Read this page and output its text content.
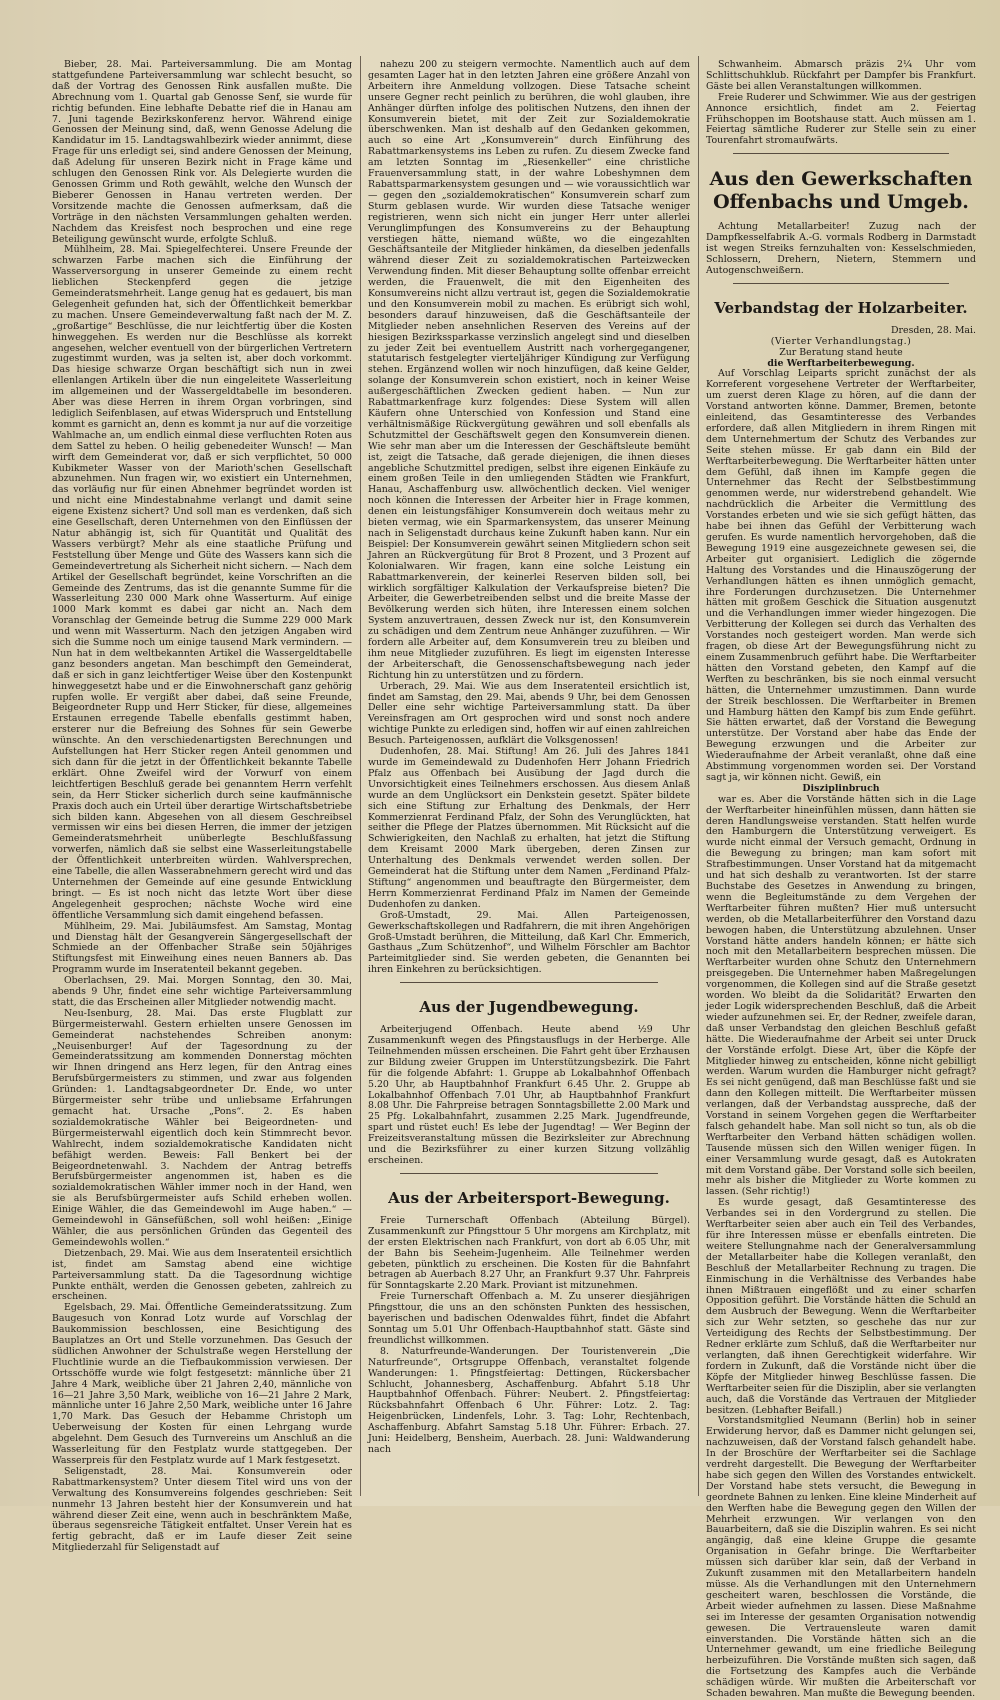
Bieber, 28. Mai. Parteiversammlung. Die am Montag stattgefundene Parteiversammlung war schlecht besucht, so daß der Vortrag des Genossen Rink ausfallen mußte. Die Abrechnung vom 1. Quartal gab Genosse Senf, sie wurde für richtig befunden. Eine lebhafte Debatte rief die in Hanau am 7. Juni tagende Bezirkskonferenz hervor. Während einige Genossen der Meinung sind, daß, wenn Genosse Adelung die Kandidatur im 15. Landtagswahlbezirk wieder annimmt, diese Frage für uns erledigt sei, sind andere Genossen der Meinung, daß Adelung für unseren Bezirk nicht in Frage käme und schlugen den Genossen Rink vor. Als Delegierte wurden die Genossen Grimm und Roth gewählt, welche den Wunsch der Bieberer Genossen in Hanau vertreten werden. Der Vorsitzende machte die Genossen aufmerksam, daß die Vorträge in den nächsten Versammlungen gehalten werden. Nachdem das Kreisfest noch besprochen und eine rege Beteiligung gewünscht wurde, erfolgte Schluß.

Mühlheim, 28. Mai. Spiegelfechterei. Unsere Freunde der schwarzen Farbe machen sich die Einführung der Wasserversorgung in unserer Gemeinde zu einem recht lieblichen Steckenpferd gegen die jetzige Gemeinderatsmehrheit. Lange genug hat es gedauert, bis man Gelegenheit gefunden hat, sich der Öffentlichkeit bemerkbar zu machen. Unsere Gemeindeverwaltung faßt nach der M. Z. „großartige“ Beschlüsse, die nur leichtfertig über die Kosten hinweggehen. Es werden nur die Beschlüsse als korrekt angesehen, welcher eventuell von der bürgerlichen Vertretern zugestimmt wurden, was ja selten ist, aber doch vorkommt. Das hiesige schwarze Organ beschäftigt sich nun in zwei ellenlangen Artikeln über die nun eingeleitete Wasserleitung im allgemeinen und der Wassergeldtabelle im besonderen. Aber was diese Herren in ihrem Organ vorbringen, sind lediglich Seifenblasen, auf etwas Widerspruch und Entstellung kommt es garnicht an, denn es kommt ja nur auf die vorzeitige Wahlmache an, um endlich einmal diese verfluchten Roten aus dem Sattel zu heben. O heilig gebenedeiter Wunsch! — Man wirft dem Gemeinderat vor, daß er sich verpflichtet, 50 000 Kubikmeter Wasser von der Marioth'schen Gesellschaft abzunehmen. Nun fragen wir, wo existiert ein Unternehmen, das vorläufig nur für einen Abnehmer begründet worden ist und nicht eine Mindestabnahme verlangt und damit seine eigene Existenz sichert? Und soll man es verdenken, daß sich eine Gesellschaft, deren Unternehmen von den Einflüssen der Natur abhängig ist, sich für Quantität und Qualität des Wassers verbürgt? Mehr als eine staatliche Prüfung und Feststellung über Menge und Güte des Wassers kann sich die Gemeindevertretung als Sicherheit nicht sichern. — Nach dem Artikel der Gesellschaft begründet, keine Vorschriften an die Gemeinde des Zentrums, das ist die genannte Summe für die Wasserleitung 230 000 Mark ohne Wasserturm. Auf einige 1000 Mark kommt es dabei gar nicht an. Nach dem Voranschlag der Gemeinde betrug die Summe 229 000 Mark und wenn mit Wasserturm. Nach den jetzigen Angaben wird sich die Summe noch um einige tausend Mark vermindern. — Nun hat in dem weltbekannten Artikel die Wassergeldtabelle ganz besonders angetan. Man beschimpft den Gemeinderat, daß er sich in ganz leichtfertiger Weise über den Kostenpunkt hinweggesetzt habe und er die Einwohnerschaft ganz gehörig rupfen wolle. Er vergißt aber dabei, daß seine Freunde, Beigeordneter Rupp und Herr Sticker, für diese, allgemeines Erstaunen erregende Tabelle ebenfalls gestimmt haben, ersterer nur die Befreiung des Sohnes für sein Gewerbe wünschte. An den verschiedenartigsten Berechnungen und Aufstellungen hat Herr Sticker regen Anteil genommen und sich dann für die jetzt in der Öffentlichkeit bekannte Tabelle erklärt. Ohne Zweifel wird der Vorwurf von einem leichtfertigen Beschluß gerade bei genanntem Herrn verfehlt sein, da Herr Sticker sicherlich durch seine kaufmännische Praxis doch auch ein Urteil über derartige Wirtschaftsbetriebe sich bilden kann. Abgesehen von all diesem Geschreibsel vermissen wir eins bei diesen Herren, die immer der jetzigen Gemeinderatsmehrheit unüberlegte Beschlußfassung vorwerfen, nämlich daß sie selbst eine Wasserleitungstabelle der Öffentlichkeit unterbreiten würden. Wahlversprechen, eine Tabelle, die allen Wasserabnehmern gerecht wird und das Unternehmen der Gemeinde auf eine gesunde Entwicklung bringt. — Es ist noch nicht das letzte Wort über diese Angelegenheit gesprochen; nächste Woche wird eine öffentliche Versammlung sich damit eingehend befassen.

Mühlheim, 29. Mai. Jubiläumsfest. Am Samstag, Montag und Dienstag hält der Gesangverein Sängergesellschaft der Schmiede an der Offenbacher Straße sein 50jähriges Stiftungsfest mit Einweihung eines neuen Banners ab. Das Programm wurde im Inseratenteil bekannt gegeben.

Oberlachsen, 29. Mai. Morgen Sonntag, den 30. Mai, abends 9 Uhr, findet eine sehr wichtige Parteiversammlung statt, die das Erscheinen aller Mitglieder notwendig macht.

Neu-Isenburg, 28. Mai. Das erste Flugblatt zur Bürgermeisterwahl. Gestern erhielten unsere Genossen im Gemeinderat nachstehendes Schreiben anonym: „Neuisenburger! Auf der Tagesordnung zu der Gemeinderatssitzung am kommenden Donnerstag möchten wir Ihnen dringend ans Herz legen, für den Antrag eines Berufsbürgermeisters zu stimmen, und zwar aus folgenden Gründen: 1. Landtagsabgeordneter Dr. Ende, wo unter Bürgermeister sehr trübe und unliebsame Erfahrungen gemacht hat. Ursache „Pons“. 2. Es haben sozialdemokratische Wähler bei Beigeordneten- und Bürgermeisterwahl eigentlich doch kein Stimmrecht bevor. Wahlrecht, indem sozialdemokratische Kandidaten nicht befähigt werden. Beweis: Fall Benkert bei der Beigeordnetenwahl. 3. Nachdem der Antrag betreffs Berufsbürgermeister angenommen ist, haben es die sozialdemokratischen Wähler immer noch in der Hand, wen sie als Berufsbürgermeister aufs Schild erheben wollen. Einige Wähler, die das Gemeindewohl im Auge haben.“ — Gemeindewohl in Gänsefüßchen, soll wohl heißen: „Einige Wähler, die aus persönlichen Gründen das Gegenteil des Gemeindewohls wollen.“

Dietzenbach, 29. Mai. Wie aus dem Inseratenteil ersichtlich ist, findet am Samstag abend eine wichtige Parteiversammlung statt. Da die Tagesordnung wichtige Punkte enthält, werden die Genossen gebeten, zahlreich zu erscheinen.

Egelsbach, 29. Mai. Öffentliche Gemeinderatssitzung. Zum Baugesuch von Konrad Lotz wurde auf Vorschlag der Baukommission beschlossen, eine Besichtigung des Bauplatzes an Ort und Stelle vorzunehmen. Das Gesuch der südlichen Anwohner der Schulstraße wegen Herstellung der Fluchtlinie wurde an die Tiefbaukommission verwiesen. Der Ortsschöffe wurde wie folgt festgesetzt: männliche über 21 Jahre 4 Mark, weibliche über 21 Jahren 2,40, männliche von 16—21 Jahre 3,50 Mark, weibliche von 16—21 Jahre 2 Mark, männliche unter 16 Jahre 2,50 Mark, weibliche unter 16 Jahre 1,70 Mark. Das Gesuch der Hebamme Christoph um Ueberweisung der Kosten für einen Lehrgang wurde abgelehnt. Dem Gesuch des Turnvereins um Anschluß an die Wasserleitung für den Festplatz wurde stattgegeben. Der Wasserpreis für den Festplatz wurde auf 1 Mark festgesetzt.

Seligenstadt, 28. Mai. Konsumverein oder Rabattmarkensystem? Unter diesem Titel wird uns von der Verwaltung des Konsumvereins folgendes geschrieben: Seit nunmehr 13 Jahren besteht hier der Konsumverein und hat während dieser Zeit eine, wenn auch in beschränktem Maße, überaus segensreiche Tätigkeit entfaltet. Unser Verein hat es fertig gebracht, daß er im Laufe dieser Zeit seine Mitgliederzahl für Seligenstadt auf

nahezu 200 zu steigern vermochte. Namentlich auch auf dem gesamten Lager hat in den letzten Jahren eine größere Anzahl von Arbeitern ihre Anmeldung vollzogen. Diese Tatsache scheint unsere Gegner recht peinlich zu berühren, die wohl glauben, ihre Anhänger dürften infolge des politischen Nutzens, den ihnen der Konsumverein bietet, mit der Zeit zur Sozialdemokratie überschwenken. Man ist deshalb auf den Gedanken gekommen, auch so eine Art „Konsumverein“ durch Einführung des Rabattmarkensystems ins Leben zu rufen. Zu diesem Zwecke fand am letzten Sonntag im „Riesenkeller“ eine christliche Frauenversammlung statt, in der wahre Lobeshymnen dem Rabattsparmarkensystem gesungen und — wie voraussichtlich war — gegen den „sozialdemokratischen“ Konsumverein scharf zum Sturm geblasen wurde. Wir wurden diese Tatsache weniger registrieren, wenn sich nicht ein junger Herr unter allerlei Verunglimpfungen des Konsumvereins zu der Behauptung verstiegen hätte, niemand wüßte, wo die eingezahlten Geschäftsanteile der Mitglieder hinkämen, da dieselben jedenfalls während dieser Zeit zu sozialdemokratischen Parteizwecken Verwendung finden. Mit dieser Behauptung sollte offenbar erreicht werden, die Frauenwelt, die mit den Eigenheiten des Konsumvereins nicht allzu vertraut ist, gegen die Sozialdemokratie und den Konsumverein mobil zu machen. Es erübrigt sich wohl, besonders darauf hinzuweisen, daß die Geschäftsanteile der Mitglieder neben ansehnlichen Reserven des Vereins auf der hiesigen Bezirkssparkasse verzinslich angelegt sind und dieselben zu jeder Zeit bei eventuellem Austritt nach vorhergegangener, statutarisch festgelegter vierteljähriger Kündigung zur Verfügung stehen. Ergänzend wollen wir noch hinzufügen, daß keine Gelder, solange der Konsumverein schon existiert, noch in keiner Weise außergeschäftlichen Zwecken gedient haben. — Nun zur Rabattmarkenfrage kurz folgendes: Diese System will allen Käufern ohne Unterschied von Konfession und Stand eine verhältnismäßige Rückvergütung gewähren und soll ebenfalls als Schutzmittel der Geschäftswelt gegen den Konsumverein dienen. Wie sehr man aber um die Interessen der Geschäftsleute bemüht ist, zeigt die Tatsache, daß gerade diejenigen, die ihnen dieses angebliche Schutzmittel predigen, selbst ihre eigenen Einkäufe zu einem großen Teile in den umliegenden Städten wie Frankfurt, Hanau, Aschaffenburg usw. allwöchentlich decken. Viel weniger noch können die Interessen der Arbeiter hier in Frage kommen, denen ein leistungsfähiger Konsumverein doch weitaus mehr zu bieten vermag, wie ein Sparmarkensystem, das unserer Meinung nach in Seligenstadt durchaus keine Zukunft haben kann. Nur ein Beispiel: Der Konsumverein gewährt seinen Mitgliedern schon seit Jahren an Rückvergütung für Brot 8 Prozent, und 3 Prozent auf Kolonialwaren. Wir fragen, kann eine solche Leistung ein Rabattmarkenverein, der keinerlei Reserven bilden soll, bei wirklich sorgfältiger Kalkulation der Verkaufspreise bieten? Die Arbeiter, die Gewerbetreibenden selbst und die breite Masse der Bevölkerung werden sich hüten, ihre Interessen einem solchen System anzuvertrauen, dessen Zweck nur ist, den Konsumverein zu schädigen und dem Zentrum neue Anhänger zuzuführen. — Wir fordern alle Arbeiter auf, dem Konsumverein treu zu bleiben und ihm neue Mitglieder zuzuführen. Es liegt im eigensten Interesse der Arbeiterschaft, die Genossenschaftsbewegung nach jeder Richtung hin zu unterstützen und zu fördern.

Urberach, 29. Mai. Wie aus dem Inseratenteil ersichtlich ist, findet am Samstag, den 29. Mai, abends 9 Uhr, bei dem Genossen Deller eine sehr wichtige Parteiversammlung statt. Da über Vereinsfragen am Ort gesprochen wird und sonst noch andere wichtige Punkte zu erledigen sind, hoffen wir auf einen zahlreichen Besuch. Parteigenossen, aufklärt die Volksgenossen!

Dudenhofen, 28. Mai. Stiftung! Am 26. Juli des Jahres 1841 wurde im Gemeindewald zu Dudenhofen Herr Johann Friedrich Pfalz aus Offenbach bei Ausübung der Jagd durch die Unvorsichtigkeit eines Teilnehmers erschossen. Aus diesem Anlaß wurde an dem Unglücksort ein Denkstein gesetzt. Später bildete sich eine Stiftung zur Erhaltung des Denkmals, der Herr Kommerzienrat Ferdinand Pfalz, der Sohn des Verunglückten, hat seither die Pflege der Platzes übernommen. Mit Rücksicht auf die Schwierigkeiten, den Nachlaß zu erhalten, hat jetzt die Stiftung dem Kreisamt 2000 Mark übergeben, deren Zinsen zur Unterhaltung des Denkmals verwendet werden sollen. Der Gemeinderat hat die Stiftung unter dem Namen „Ferdinand Pfalz-Stiftung“ angenommen und beauftragte den Bürgermeister, dem Herrn Kommerzienrat Ferdinand Pfalz im Namen der Gemeinde Dudenhofen zu danken.

Groß-Umstadt, 29. Mai. Allen Parteigenossen, Gewerkschaftskollegen und Radfahrern, die mit ihren Angehörigen Groß-Umstadt berühren, die Mitteilung, daß Karl Chr. Emmerich, Gasthaus „Zum Schützenhof“, und Wilhelm Förschler am Bachtor Parteimitglieder sind. Sie werden gebeten, die Genannten bei ihren Einkehren zu berücksichtigen.

Aus der Jugendbewegung.

Arbeiterjugend Offenbach. Heute abend ½9 Uhr Zusammenkunft wegen des Pfingstausflugs in der Herberge. Alle Teilnehmenden müssen erscheinen. Die Fahrt geht über Erzhausen zur Bildung zweier Gruppen im Unterstützungsbezirk. Die Fahrt für die folgende Abfahrt: 1. Gruppe ab Lokalbahnhof Offenbach 5.20 Uhr, ab Hauptbahnhof Frankfurt 6.45 Uhr. 2. Gruppe ab Lokalbahnhof Offenbach 7.01 Uhr, ab Hauptbahnhof Frankfurt 8.08 Uhr. Die Fahrpreise betragen Sonntagsbillette 2.00 Mark und 25 Pfg. Lokalbahnfahrt, zusammen 2.25 Mark. Jugendfreunde, spart und rüstet euch! Es lebe der Jugendtag! — Wer Beginn der Freizeitsveranstaltung müssen die Bezirksleiter zur Abrechnung und die Bezirksführer zu einer kurzen Sitzung vollzählig erscheinen.

Aus der Arbeitersport-Bewegung.

Freie Turnerschaft Offenbach (Abteilung Bürgel). Zusammenkunft zur Pfingsttour 5 Uhr morgens am Kirchplatz, mit der ersten Elektrischen nach Frankfurt, von dort ab 6.05 Uhr, mit der Bahn bis Seeheim-Jugenheim. Alle Teilnehmer werden gebeten, pünktlich zu erscheinen. Die Kosten für die Bahnfahrt betragen ab Auerbach 8.27 Uhr, an Frankfurt 9.37 Uhr. Fahrpreis für Sonntagskarte 2.20 Mark. Proviant ist mitzunehmen.

Freie Turnerschaft Offenbach a. M. Zu unserer diesjährigen Pfingsttour, die uns an den schönsten Punkten des hessischen, bayerischen und badischen Odenwaldes führt, findet die Abfahrt Sonntag um 5.01 Uhr Offenbach-Hauptbahnhof statt. Gäste sind freundlichst willkommen.

8. Naturfreunde-Wanderungen. Der Touristenverein „Die Naturfreunde“, Ortsgruppe Offenbach, veranstaltet folgende Wanderungen: 1. Pfingstfeiertag: Dettingen, Rückersbacher Schlucht, Johannesberg, Aschaffenburg. Abfahrt 5.18 Uhr Hauptbahnhof Offenbach. Führer: Neubert. 2. Pfingstfeiertag: Rücksbahnfahrt Offenbach 6 Uhr. Führer: Lotz. 2. Tag: Heigenbrücken, Lindenfels, Lohr. 3. Tag: Lohr, Rechtenbach, Aschaffenburg. Abfahrt Samstag 5.18 Uhr. Führer: Erbach. 27. Juni: Heidelberg, Bensheim, Auerbach. 28. Juni: Waldwanderung nach

Schwanheim. Abmarsch präzis 2¼ Uhr vom Schlittschuhklub. Rückfahrt per Dampfer bis Frankfurt. Gäste bei allen Veranstaltungen willkommen.

Freie Ruderer und Schwimmer. Wie aus der gestrigen Annonce ersichtlich, findet am 2. Feiertag Frühschoppen im Bootshause statt. Auch müssen am 1. Feiertag sämtliche Ruderer zur Stelle sein zu einer Tourenfahrt stromaufwärts.

Aus den Gewerkschaften Offenbachs und Umgeb.

Achtung Metallarbeiter! Zuzug nach der Dampfkesselfabrik A.-G. vormals Rodberg in Darmstadt ist wegen Streiks fernzuhalten von: Kesselschmieden, Schlossern, Drehern, Nietern, Stemmern und Autogenschweißern.

Verbandstag der Holzarbeiter.

Dresden, 28. Mai.

(Vierter Verhandlungstag.)

Zur Beratung stand heute

die Werftarbeiterbewegung.

Auf Vorschlag Leiparts spricht zunächst der als Korreferent vorgesehene Vertreter der Werftarbeiter, um zuerst deren Klage zu hören, auf die dann der Vorstand antworten könne. Dammer, Bremen, betonte einleitend, das Gesamtinteresse des Verbandes erfordere, daß allen Mitgliedern in ihrem Ringen mit dem Unternehmertum der Schutz des Verbandes zur Seite stehen müsse. Er gab dann ein Bild der Werftarbeiterbewegung. Die Werftarbeiter hätten unter dem Gefühl, daß ihnen im Kampfe gegen die Unternehmer das Recht der Selbstbestimmung genommen werde, nur widerstrebend gehandelt. Wie nachdrücklich die Arbeiter die Vermittlung des Vorstandes erbeten und wie sie sich gefügt hätten, das habe bei ihnen das Gefühl der Verbitterung wach gerufen. Es wurde namentlich hervorgehoben, daß die Bewegung 1919 eine ausgezeichnete gewesen sei, die Arbeiter gut organisiert. Lediglich die zögernde Haltung des Vorstandes und die Hinauszögerung der Verhandlungen hätten es ihnen unmöglich gemacht, ihre Forderungen durchzusetzen. Die Unternehmer hätten mit großem Geschick die Situation ausgenutzt und die Verhandlungen immer wieder hingezogen. Die Verbitterung der Kollegen sei durch das Verhalten des Vorstandes noch gesteigert worden. Man werde sich fragen, ob diese Art der Bewegungsführung nicht zu einem Zusammenbruch geführt habe. Die Werftarbeiter hätten den Vorstand gebeten, den Kampf auf die Werften zu beschränken, bis sie noch einmal versucht hätten, die Unternehmer umzustimmen. Dann wurde der Streik beschlossen. Die Werftarbeiter in Bremen und Hamburg hätten den Kampf bis zum Ende geführt. Sie hätten erwartet, daß der Vorstand die Bewegung unterstütze. Der Vorstand aber habe das Ende der Bewegung erzwungen und die Arbeiter zur Wiederaufnahme der Arbeit veranlaßt, ohne daß eine Abstimmung vorgenommen worden sei. Der Vorstand sagt ja, wir können nicht. Gewiß, ein

Disziplinbruch

war es. Aber die Vorstände hätten sich in die Lage der Werftarbeiter hineinfühlen müssen, dann hätten sie deren Handlungsweise verstanden. Statt helfen wurde den Hamburgern die Unterstützung verweigert. Es wurde nicht einmal der Versuch gemacht, Ordnung in die Bewegung zu bringen; man kam sofort mit Strafbestimmungen. Unser Vorstand hat da mitgemacht und hat sich deshalb zu verantworten. Ist der starre Buchstabe des Gesetzes in Anwendung zu bringen, wenn die Begleitumstände zu dem Vergehen der Werftarbeiter führen mußten? Hier muß untersucht werden, ob die Metallarbeiterführer den Vorstand dazu bewogen haben, die Unterstützung abzulehnen. Unser Vorstand hätte anders handeln können; er hätte sich noch mit den Metallarbeitern besprechen müssen. Die Werftarbeiter wurden ohne Schutz den Unternehmern preisgegeben. Die Unternehmer haben Maßregelungen vorgenommen, die Kollegen sind auf die Straße gesetzt worden. Wo bleibt da die Solidarität? Erwarten den jeder Logik widersprechenden Beschluß, daß die Arbeit wieder aufzunehmen sei. Er, der Redner, zweifele daran, daß unser Verbandstag den gleichen Beschluß gefaßt hätte. Die Wiederaufnahme der Arbeit sei unter Druck der Vorstände erfolgt. Diese Art, über die Köpfe der Mitglieder hinweg zu entscheiden, könne nicht gebilligt werden. Warum wurden die Hamburger nicht gefragt? Es sei nicht genügend, daß man Beschlüsse faßt und sie dann den Kollegen mitteilt. Die Werftarbeiter müssen verlangen, daß der Verbandstag ausspreche, daß der Vorstand in seinem Vorgehen gegen die Werftarbeiter falsch gehandelt habe. Man soll nicht so tun, als ob die Werftarbeiter den Verband hätten schädigen wollen. Tausende müssen sich den Willen weniger fügen. In einer Versammlung wurde gesagt, daß es Autokraten mit dem Vorstand gäbe. Der Vorstand solle sich beeilen, mehr als bisher die Mitglieder zu Worte kommen zu lassen. (Sehr richtig!)

Es wurde gesagt, daß Gesamtinteresse des Verbandes sei in den Vordergrund zu stellen. Die Werftarbeiter seien aber auch ein Teil des Verbandes, für ihre Interessen müsse er ebenfalls eintreten. Die weitere Stellungnahme nach der Generalversammlung der Metallarbeiter habe die Kollegen veranlaßt, den Beschluß der Metallarbeiter Rechnung zu tragen. Die Einmischung in die Verhältnisse des Verbandes habe ihnen Mißtrauen eingeflößt und zu einer scharfen Opposition geführt. Die Vorstände hätten die Schuld an dem Ausbruch der Bewegung. Wenn die Werftarbeiter sich zur Wehr setzten, so geschehe das nur zur Verteidigung des Rechts der Selbstbestimmung. Der Redner erklärte zum Schluß, daß die Werftarbeiter nur verlangten, daß ihnen Gerechtigkeit widerfahre. Wir fordern in Zukunft, daß die Vorstände nicht über die Köpfe der Mitglieder hinweg Beschlüsse fassen. Die Werftarbeiter seien für die Disziplin, aber sie verlangten auch, daß die Vorstände das Vertrauen der Mitglieder besitzen. (Lebhafter Beifall.)

Vorstandsmitglied Neumann (Berlin) hob in seiner Erwiderung hervor, daß es Dammer nicht gelungen sei, nachzuweisen, daß der Vorstand falsch gehandelt habe. In der Broschüre der Werftarbeiter sei die Sachlage verdreht dargestellt. Die Bewegung der Werftarbeiter habe sich gegen den Willen des Vorstandes entwickelt. Der Vorstand habe stets versucht, die Bewegung in geordnete Bahnen zu lenken. Eine kleine Minderheit auf den Werften habe die Bewegung gegen den Willen der Mehrheit erzwungen. Wir verlangen von den Bauarbeitern, daß sie die Disziplin wahren. Es sei nicht angängig, daß eine kleine Gruppe die gesamte Organisation in Gefahr bringe. Die Werftarbeiter müssen sich darüber klar sein, daß der Verband in Zukunft zusammen mit den Metallarbeitern handeln müsse. Als die Verhandlungen mit den Unternehmern gescheitert waren, beschlossen die Vorstände, die Arbeit wieder aufnehmen zu lassen. Diese Maßnahme sei im Interesse der gesamten Organisation notwendig gewesen. Die Vertrauensleute waren damit einverstanden. Die Vorstände hätten sich an die Unternehmer gewandt, um eine friedliche Beilegung herbeizuführen. Die Vorstände mußten sich sagen, daß die Fortsetzung des Kampfes auch die Verbände schädigen würde. Wir mußten die Arbeiterschaft vor Schaden bewahren. Man mußte die Bewegung beenden.
